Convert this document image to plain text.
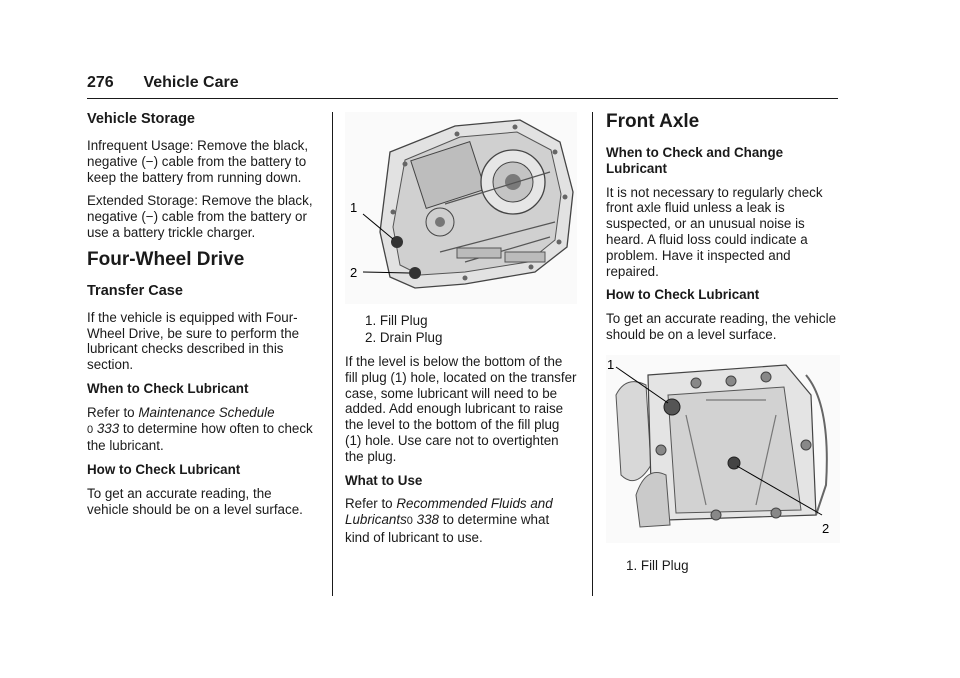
276 Vehicle Care
Vehicle Storage

Infrequent Usage: Remove the black, negative (−) cable from the battery to keep the battery from running down.

Extended Storage: Remove the black, negative (−) cable from the battery or use a battery trickle charger.

Four-Wheel Drive
Transfer Case

If the vehicle is equipped with Four-Wheel Drive, be sure to perform the lubricant checks described in this section.

When to Check Lubricant

Refer to Maintenance Schedule
0 333 to determine how often to check the lubricant.

How to Check Lubricant

To get an accurate reading, the vehicle should be on a level surface.

1
2
1. Fill Plug
2. Drain Plug

If the level is below the bottom of the fill plug (1) hole, located on the transfer case, some lubricant will need to be added. Add enough lubricant to raise the level to the bottom of the fill plug (1) hole. Use care not to overtighten the plug.

What to Use

Refer to Recommended Fluids and Lubricants0 338 to determine what kind of lubricant to use.

Front Axle

When to Check and Change Lubricant

It is not necessary to regularly check front axle fluid unless a leak is suspected, or an unusual noise is heard. A fluid loss could indicate a problem. Have it inspected and repaired.

How to Check Lubricant

To get an accurate reading, the vehicle should be on a level surface.

1
2
1. Fill Plug
